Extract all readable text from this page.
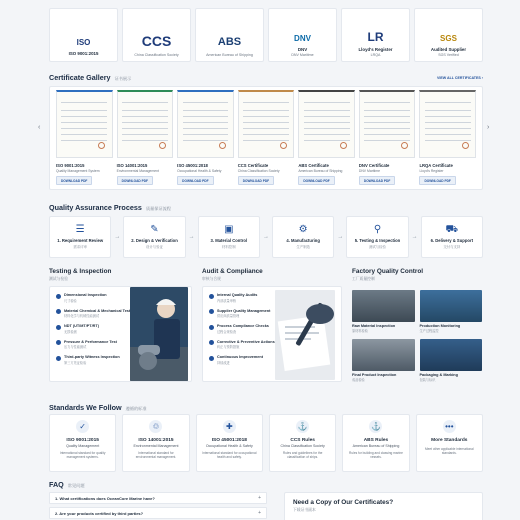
ISO
ISO 9001:2015
CCS
China Classification Society
ABS
American Bureau of Shipping
DNV
DNV
DNV Maritime
LR
Lloyd's Register
LRQA
SGS
Audited Supplier
SGS Verified
Certificate Gallery 证书展示	VIEW ALL CERTIFICATES ›
‹	›
ISO 9001:2015
Quality Management System
DOWNLOAD PDF
ISO 14001:2015
Environmental Management
DOWNLOAD PDF
ISO 45001:2018
Occupational Health & Safety
DOWNLOAD PDF
CCS Certificate
China Classification Society
DOWNLOAD PDF
ABS Certificate
American Bureau of Shipping
DOWNLOAD PDF
DNV Certificate
DNV Maritime
DOWNLOAD PDF
LRQA Certificate
Lloyd's Register
DOWNLOAD PDF
Quality Assurance Process 质量保证流程
☰
1. Requirement Review
需求评审
→
✎
2. Design & Verification
设计与验证
→
▣
3. Material Control
材料控制
→
⚙
4. Manufacturing
生产制造
→
⚲
5. Testing & Inspection
测试与检验
→
⛟
6. Delivery & Support
交付与支持
Testing & Inspection
测试与检验
Dimensional Inspection
尺寸检验
Material Chemical & Mechanical Test
材料化学与机械性能测试
NDT (UT/MT/PT/RT)
无损检测
Pressure & Performance Test
压力与性能测试
Third-party Witness Inspection
第三方见证检验
Audit & Compliance
审核与合规
Internal Quality Audits
内部质量审核
Supplier Quality Management
供应商质量管理
Process Compliance Checks
过程合规检查
Corrective & Preventive Actions
纠正与预防措施
Continuous Improvement
持续改进
Factory Quality Control
工厂质量控制
Raw Material Inspection
原材料检验
Production Monitoring
生产过程监控
Final Product Inspection
成品检验
Packaging & Marking
包装与标识
Standards We Follow 遵循的标准
✓
ISO 9001:2015
Quality Management
International standard for quality management systems.
♲
ISO 14001:2015
Environmental Management
International standard for environmental management.
✚
ISO 45001:2018
Occupational Health & Safety
International standard for occupational health and safety.
⚓
CCS Rules
China Classification Society
Rules and guidelines for the classification of ships.
⚓
ABS Rules
American Bureau of Shipping
Rules for building and classing marine vessels.
•••
More Standards
Meet other applicable international standards.
FAQ 常见问题
1. What certifications does OceanCore Marine have?	+
2. Are your products certified by third parties?	+
Need a Copy of Our Certificates?
下载证书副本
